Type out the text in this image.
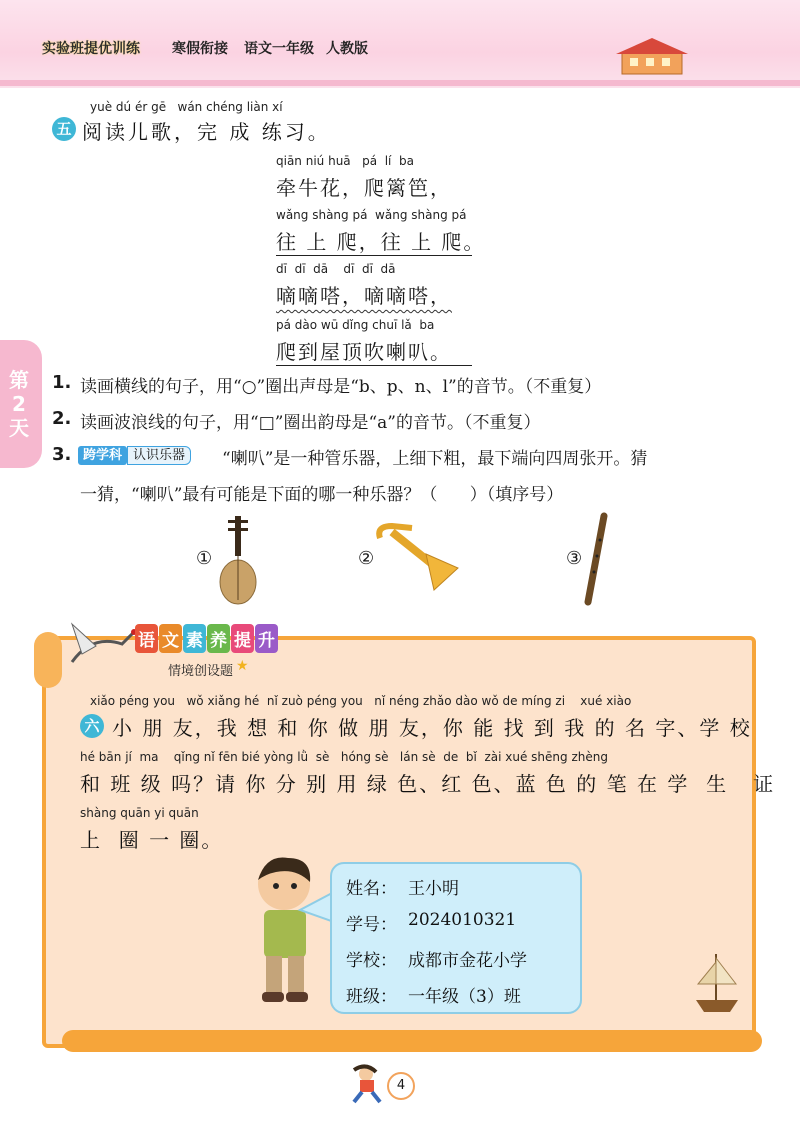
实验班提优训练 寒假衔接 语文一年级 人教版
第2天
yuè dú ér gē   wán chéng liàn xí
五 阅读儿歌，完 成 练习。
qiān niú huā   pá  lí  ba
牵牛花，爬篱笆，
wǎng shàng pá  wǎng shàng pá
往 上 爬，往 上 爬。
dī  dī  dā    dī  dī  dā
嘀嘀嗒，嘀嘀嗒，
pá dào wū dǐng chuī lǎ  ba
爬到屋顶吹喇叭。
1. 读画横线的句子，用“○”圈出声母是“b、p、n、l”的音节。（不重复）
2. 读画波浪线的句子，用“□”圈出韵母是“a”的音节。（不重复）
3. 跨学科 认识乐器	“喇叭”是一种管乐器，上细下粗，最下端向四周张开。猜
一猜，“喇叭”最有可能是下面的哪一种乐器？（      ）（填序号）
①	②	③
语 文 素 养 提 升
情境创设题 ★
xiǎo péng you   wǒ xiǎng hé  nǐ zuò péng you   nǐ néng zhǎo dào wǒ de míng zi    xué xiào
六 小 朋 友，我 想 和 你 做 朋 友，你 能 找 到 我 的 名 字、学 校
hé bān jí  ma    qǐng nǐ fēn bié yòng lǜ  sè   hóng sè   lán sè  de  bǐ  zài xué shēng zhèng
和 班 级 吗？请 你 分 别 用 绿 色、红 色、蓝 色 的 笔 在 学  生   证
shàng quān yi quān
上  圈 一 圈。
姓名： 王小明
学号： 2024010321
学校： 成都市金花小学
班级： 一年级（3）班
4
